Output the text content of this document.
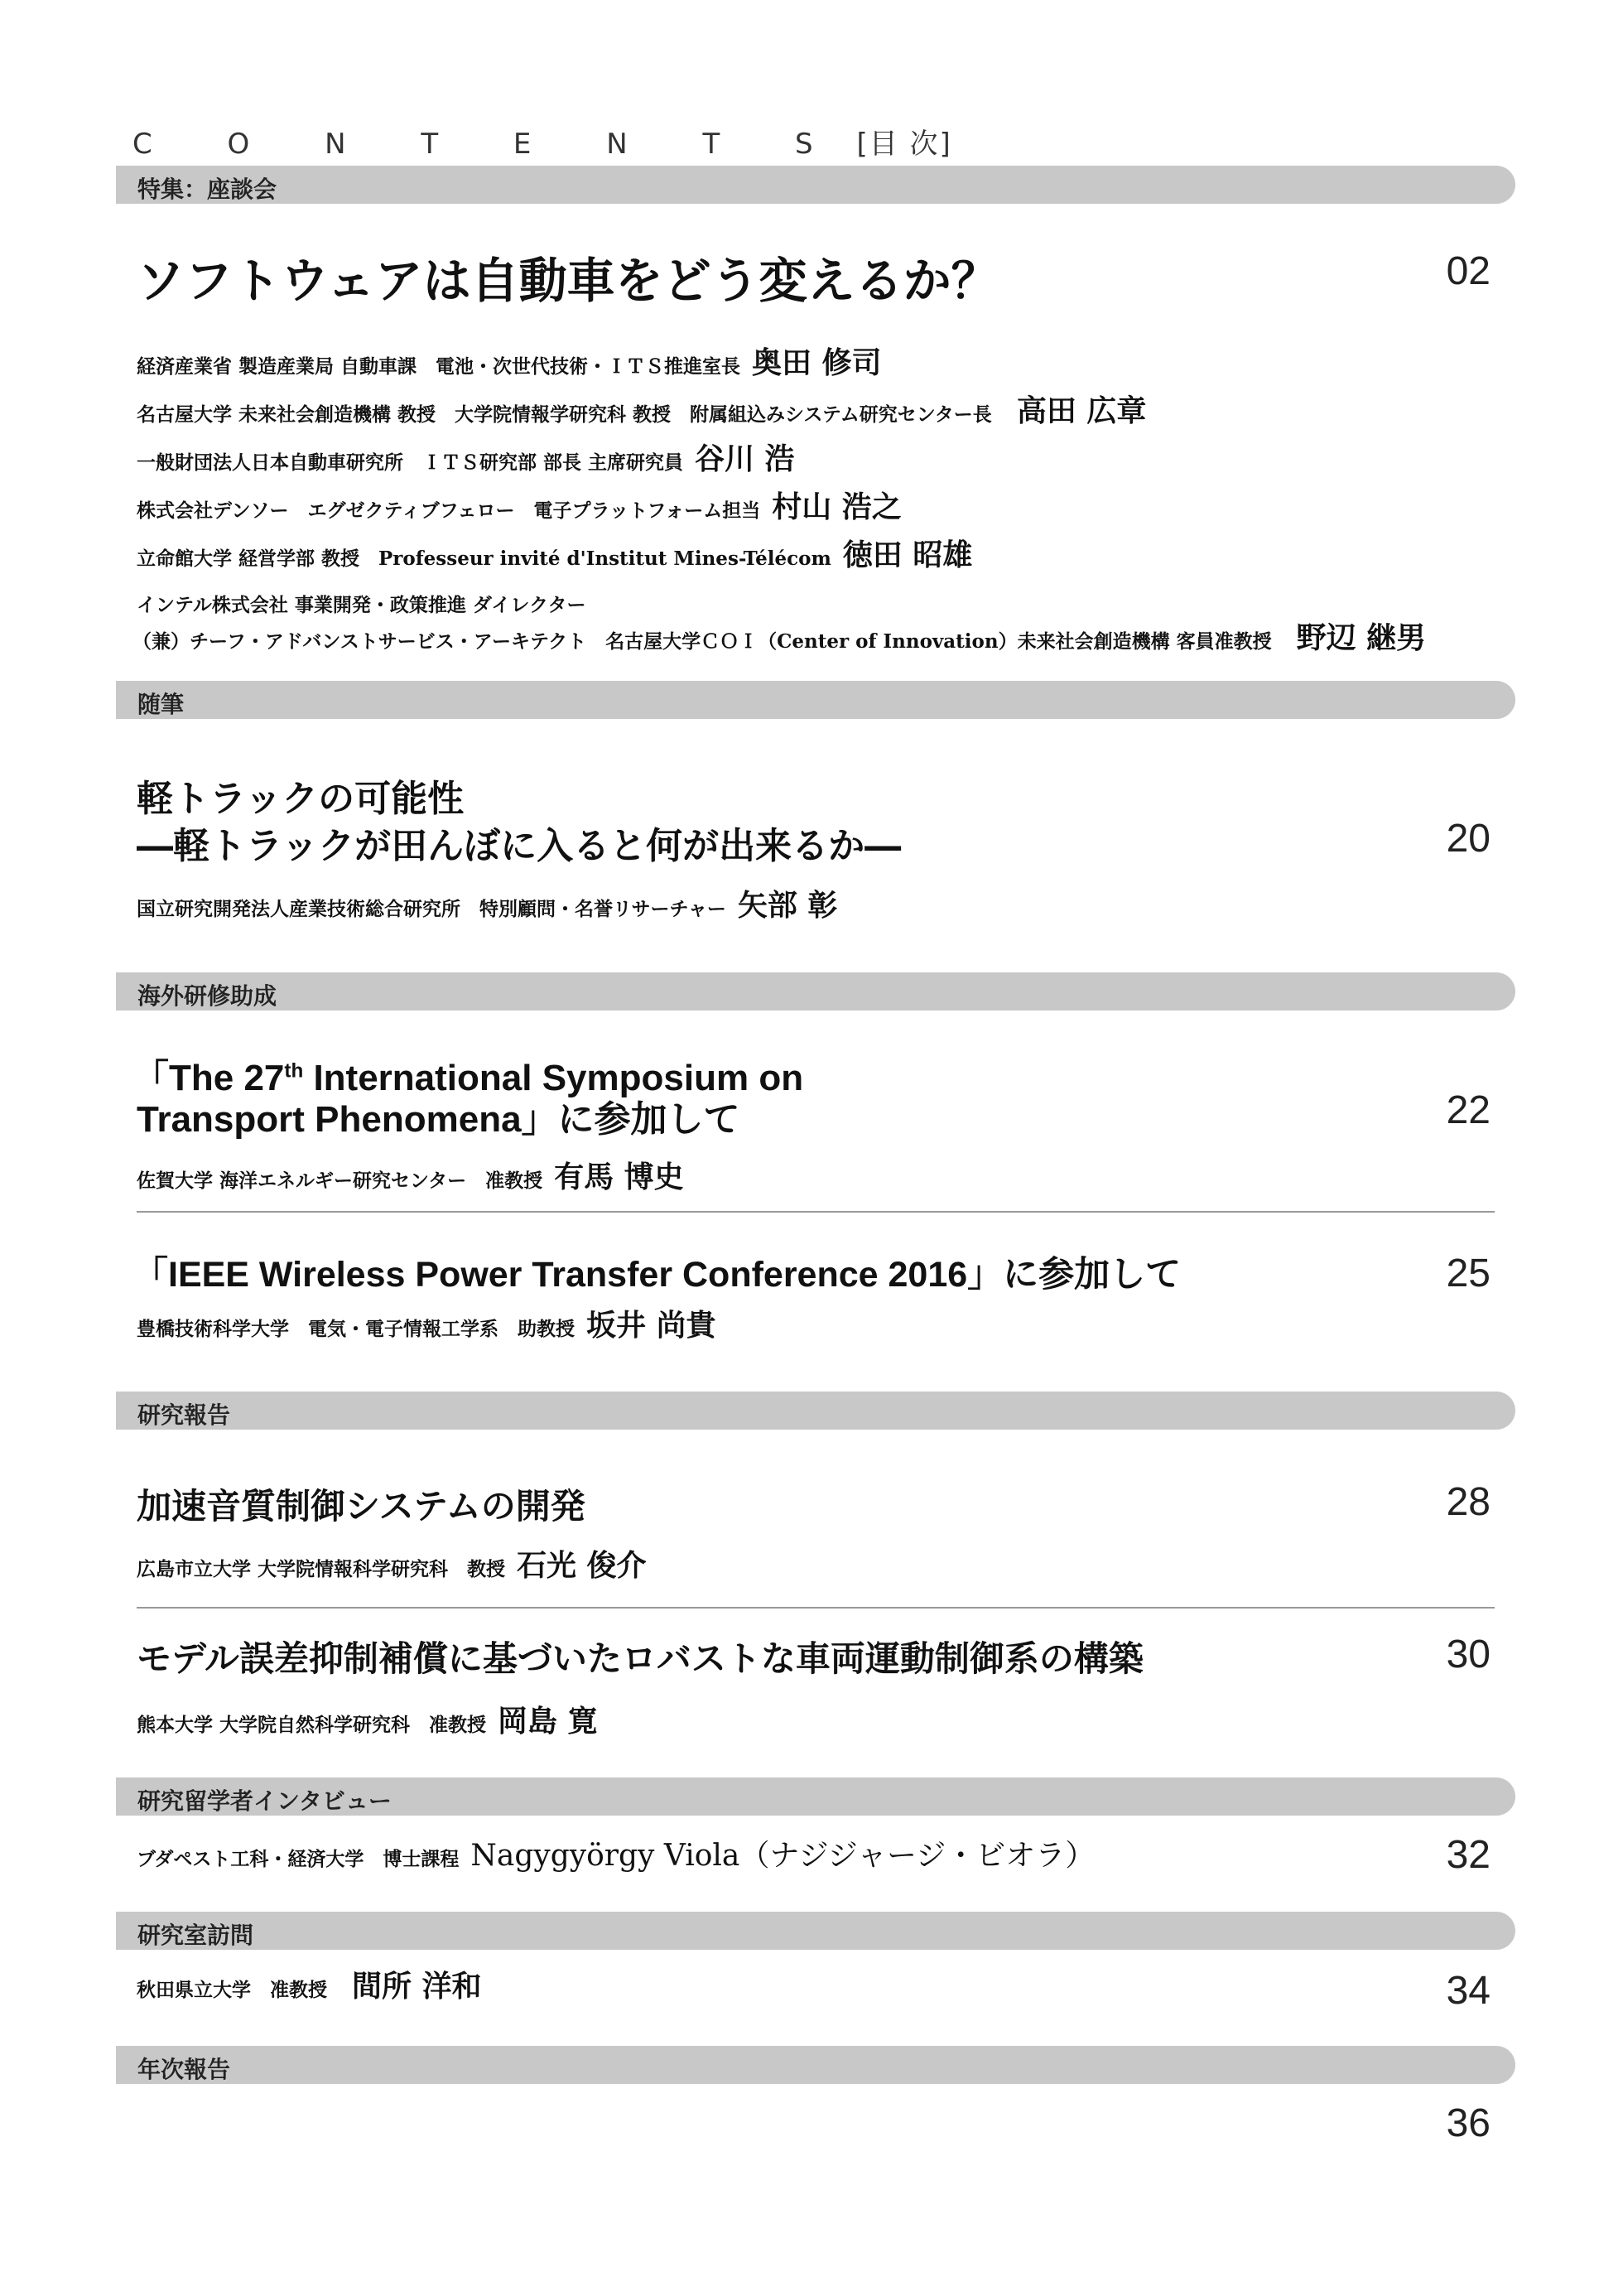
C O N T E N T S [目 次]
特集：座談会
ソフトウェアは自動車をどう変えるか？	02
経済産業省 製造産業局 自動車課　電池・次世代技術・ＩＴＳ推進室長 奥田 修司
名古屋大学 未来社会創造機構 教授　大学院情報学研究科 教授　附属組込みシステム研究センター長 高田 広章
一般財団法人日本自動車研究所　ＩＴＳ研究部 部長 主席研究員 谷川 浩
株式会社デンソー　エグゼクティブフェロー　電子プラットフォーム担当 村山 浩之
立命館大学 経営学部 教授　Professeur invité d'Institut Mines-Télécom 徳田 昭雄
インテル株式会社 事業開発・政策推進 ダイレクター
（兼）チーフ・アドバンストサービス・アーキテクト　名古屋大学ＣＯＩ（Center of Innovation）未来社会創造機構 客員准教授 野辺 継男
随筆
軽トラックの可能性
―軽トラックが田んぼに入ると何が出来るか―	20
国立研究開発法人産業技術総合研究所　特別顧問・名誉リサーチャー 矢部 彰
海外研修助成
「The 27th International Symposium on
Transport Phenomena」に参加して	22
佐賀大学 海洋エネルギー研究センター　准教授 有馬 博史
「IEEE Wireless Power Transfer Conference 2016」に参加して	25
豊橋技術科学大学　電気・電子情報工学系　助教授 坂井 尚貴
研究報告
加速音質制御システムの開発	28
広島市立大学 大学院情報科学研究科　教授 石光 俊介
モデル誤差抑制補償に基づいたロバストな車両運動制御系の構築	30
熊本大学 大学院自然科学研究科　准教授 岡島 寛
研究留学者インタビュー
ブダペスト工科・経済大学　博士課程 Nagygyörgy Viola（ナジジャージ・ビオラ）	32
研究室訪問
秋田県立大学　准教授 間所 洋和	34
年次報告
36
